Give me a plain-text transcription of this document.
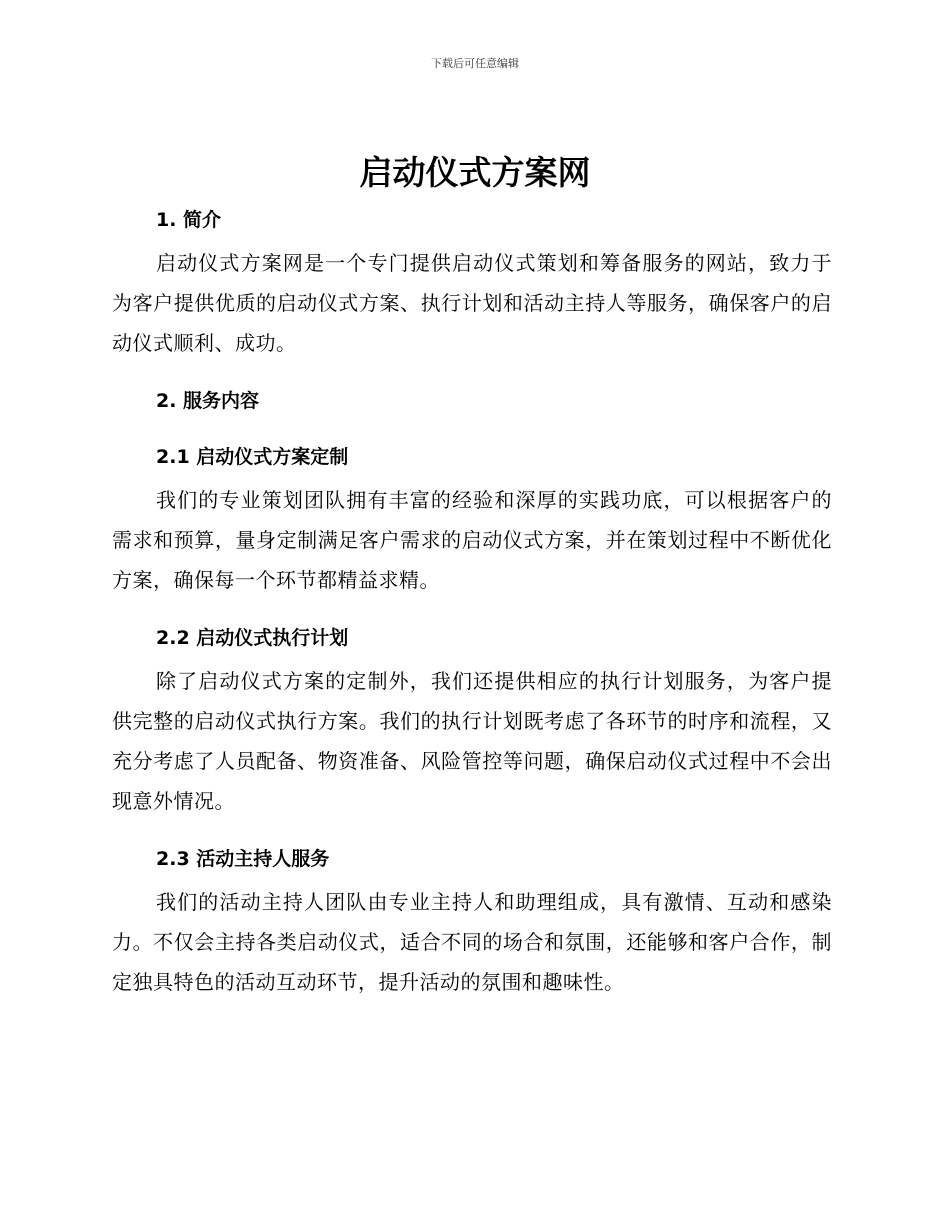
下载后可任意编辑
启动仪式方案网
1. 简介

启动仪式方案网是一个专门提供启动仪式策划和筹备服务的网站，致力于为客户提供优质的启动仪式方案、执行计划和活动主持人等服务，确保客户的启动仪式顺利、成功。

2. 服务内容
2.1 启动仪式方案定制

我们的专业策划团队拥有丰富的经验和深厚的实践功底，可以根据客户的需求和预算，量身定制满足客户需求的启动仪式方案，并在策划过程中不断优化方案，确保每一个环节都精益求精。

2.2 启动仪式执行计划

除了启动仪式方案的定制外，我们还提供相应的执行计划服务，为客户提供完整的启动仪式执行方案。我们的执行计划既考虑了各环节的时序和流程，又充分考虑了人员配备、物资准备、风险管控等问题，确保启动仪式过程中不会出现意外情况。

2.3 活动主持人服务

我们的活动主持人团队由专业主持人和助理组成，具有激情、互动和感染力。不仅会主持各类启动仪式，适合不同的场合和氛围，还能够和客户合作，制定独具特色的活动互动环节，提升活动的氛围和趣味性。
